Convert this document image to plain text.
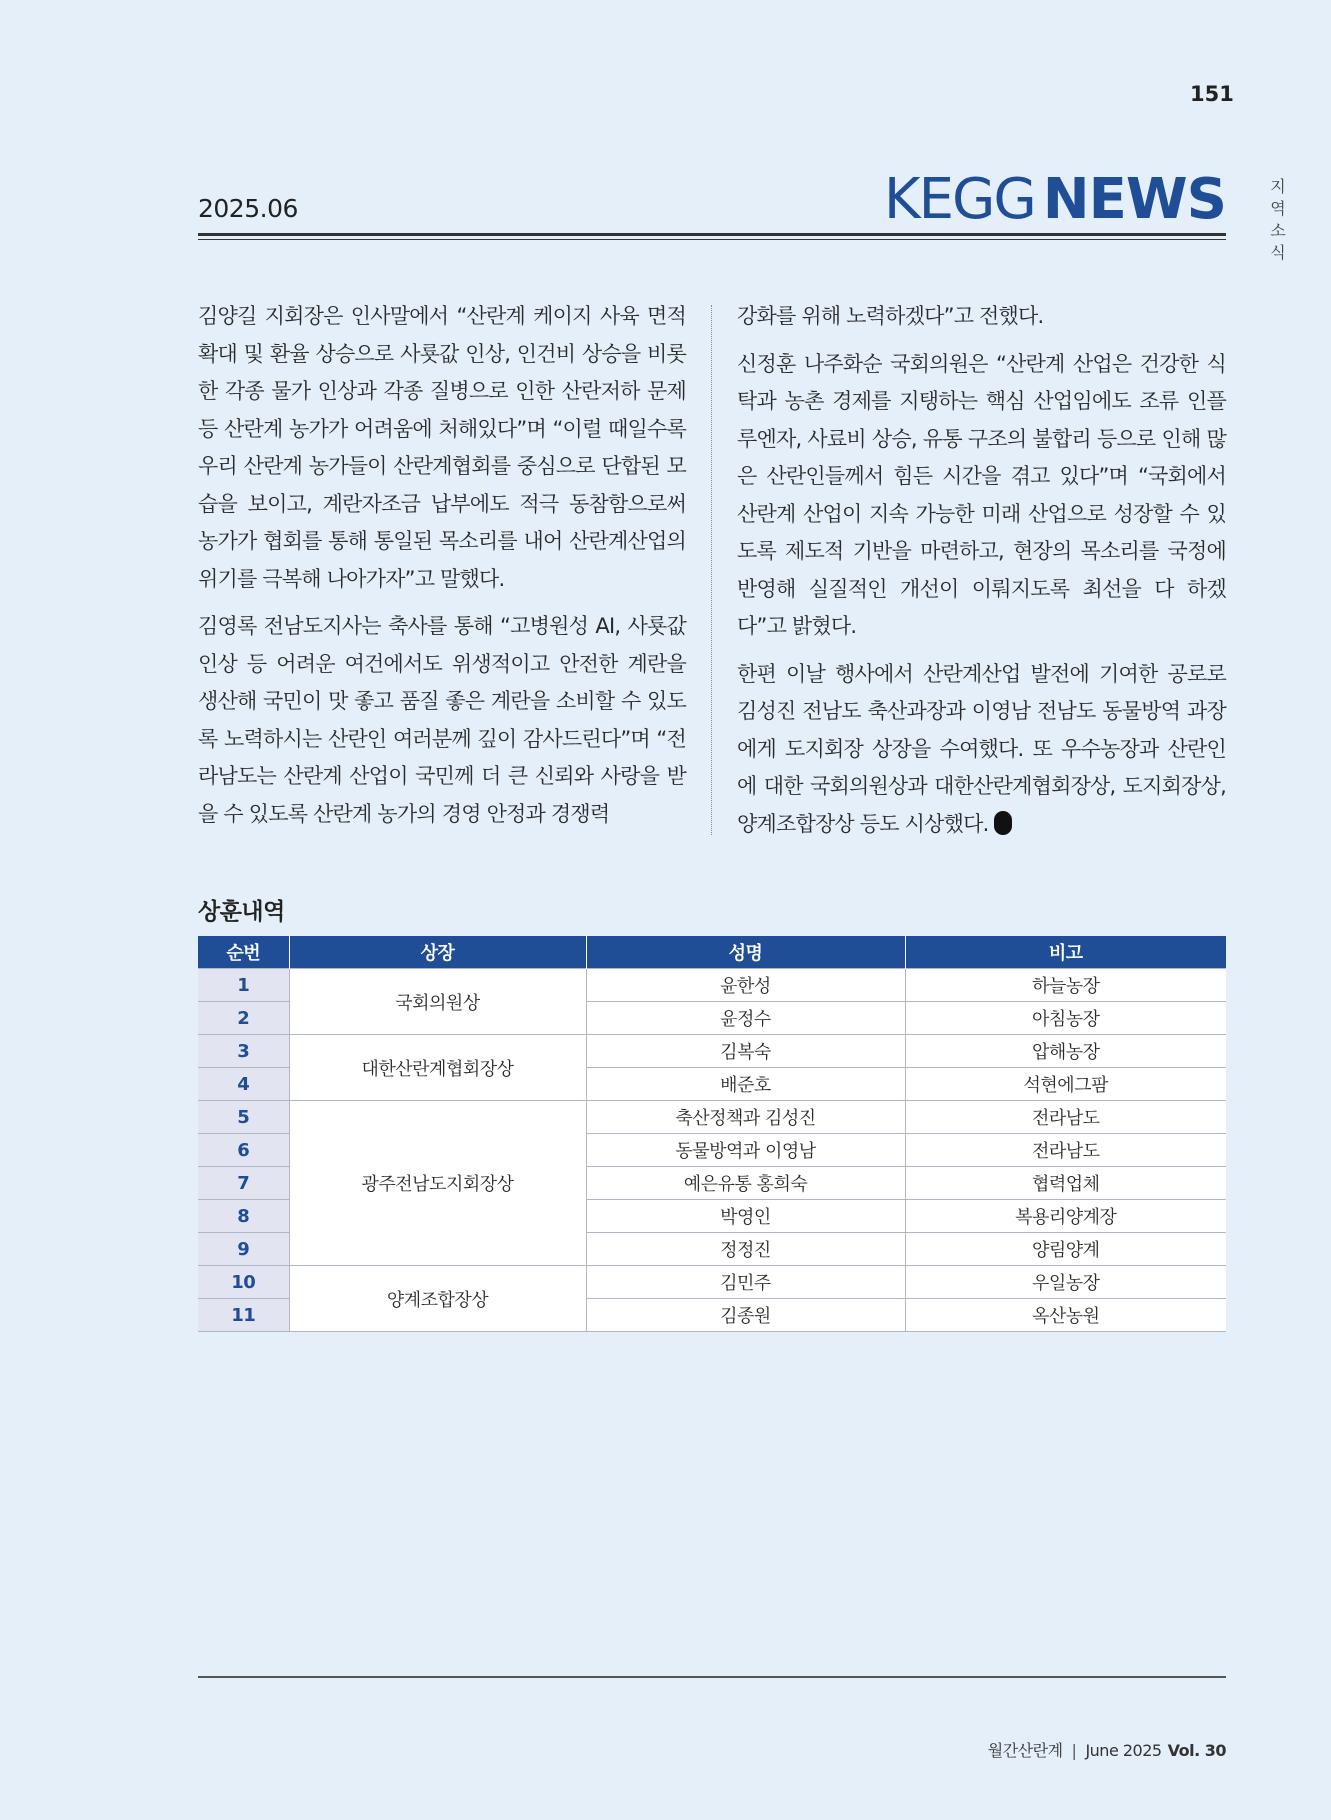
151
지역소식
2025.06	KEGG NEWS

김양길 지회장은 인사말에서 “산란계 케이지 사육 면적 확대 및 환율 상승으로 사룟값 인상, 인건비 상승을 비롯한 각종 물가 인상과 각종 질병으로 인한 산란저하 문제 등 산란계 농가가 어려움에 처해있다”며 “이럴 때일수록 우리 산란계 농가들이 산란계협회를 중심으로 단합된 모습을 보이고, 계란자조금 납부에도 적극 동참함으로써 농가가 협회를 통해 통일된 목소리를 내어 산란계산업의 위기를 극복해 나아가자”고 말했다.

김영록 전남도지사는 축사를 통해 “고병원성 AI, 사룟값 인상 등 어려운 여건에서도 위생적이고 안전한 계란을 생산해 국민이 맛 좋고 품질 좋은 계란을 소비할 수 있도록 노력하시는 산란인 여러분께 깊이 감사드린다”며 “전라남도는 산란계 산업이 국민께 더 큰 신뢰와 사랑을 받을 수 있도록 산란계 농가의 경영 안정과 경쟁력

강화를 위해 노력하겠다”고 전했다.

신정훈 나주화순 국회의원은 “산란계 산업은 건강한 식탁과 농촌 경제를 지탱하는 핵심 산업임에도 조류 인플루엔자, 사료비 상승, 유통 구조의 불합리 등으로 인해 많은 산란인들께서 힘든 시간을 겪고 있다”며 “국회에서 산란계 산업이 지속 가능한 미래 산업으로 성장할 수 있도록 제도적 기반을 마련하고, 현장의 목소리를 국정에 반영해 실질적인 개선이 이뤄지도록 최선을 다 하겠다”고 밝혔다.

한편 이날 행사에서 산란계산업 발전에 기여한 공로로 김성진 전남도 축산과장과 이영남 전남도 동물방역 과장에게 도지회장 상장을 수여했다. 또 우수농장과 산란인에 대한 국회의원상과 대한산란계협회장상, 도지회장상, 양계조합장상 등도 시상했다.

상훈내역
순번	상장	성명	비고
1	국회의원상	윤한성	하늘농장
2		윤정수	아침농장
3	대한산란계협회장상	김복숙	압해농장
4		배준호	석현에그팜
5	광주전남도지회장상	축산정책과 김성진	전라남도
6		동물방역과 이영남	전라남도
7		예은유통 홍희숙	협력업체
8		박영인	복용리양계장
9		정정진	양림양계
10	양계조합장상	김민주	우일농장
11		김종원	옥산농원
월간산란계 | June 2025 Vol. 30
